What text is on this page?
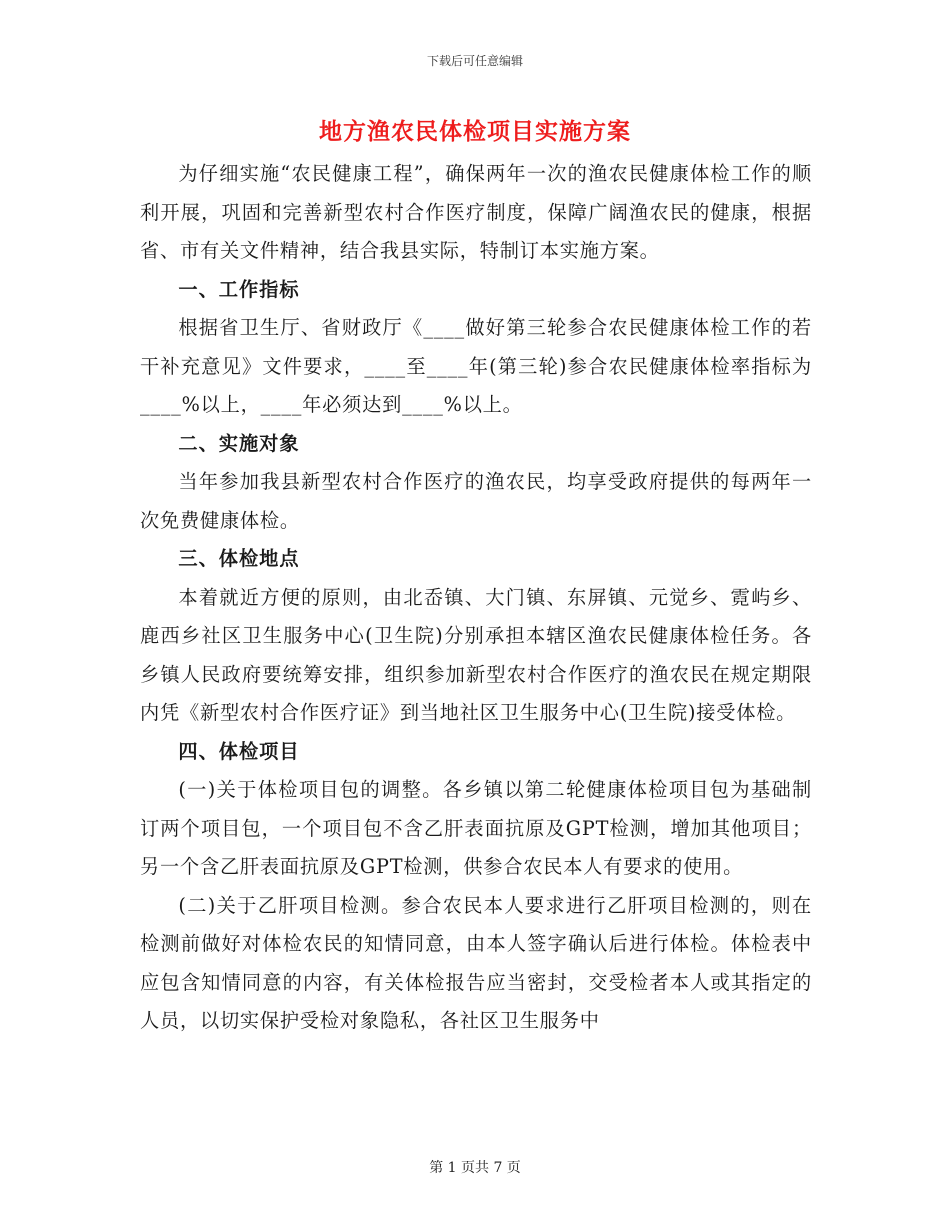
下载后可任意编辑
地方渔农民体检项目实施方案

为仔细实施“农民健康工程”，确保两年一次的渔农民健康体检工作的顺利开展，巩固和完善新型农村合作医疗制度，保障广阔渔农民的健康，根据省、市有关文件精神，结合我县实际，特制订本实施方案。

一、工作指标

根据省卫生厅、省财政厅《____做好第三轮参合农民健康体检工作的若干补充意见》文件要求，____至____年(第三轮)参合农民健康体检率指标为____%以上，____年必须达到____%以上。

二、实施对象

当年参加我县新型农村合作医疗的渔农民，均享受政府提供的每两年一次免费健康体检。

三、体检地点

本着就近方便的原则，由北岙镇、大门镇、东屏镇、元觉乡、霓屿乡、鹿西乡社区卫生服务中心(卫生院)分别承担本辖区渔农民健康体检任务。各乡镇人民政府要统筹安排，组织参加新型农村合作医疗的渔农民在规定期限内凭《新型农村合作医疗证》到当地社区卫生服务中心(卫生院)接受体检。

四、体检项目

(一)关于体检项目包的调整。各乡镇以第二轮健康体检项目包为基础制订两个项目包，一个项目包不含乙肝表面抗原及GPT检测，增加其他项目；另一个含乙肝表面抗原及GPT检测，供参合农民本人有要求的使用。

(二)关于乙肝项目检测。参合农民本人要求进行乙肝项目检测的，则在检测前做好对体检农民的知情同意，由本人签字确认后进行体检。体检表中应包含知情同意的内容，有关体检报告应当密封，交受检者本人或其指定的人员，以切实保护受检对象隐私，各社区卫生服务中

第 1 页共 7 页
